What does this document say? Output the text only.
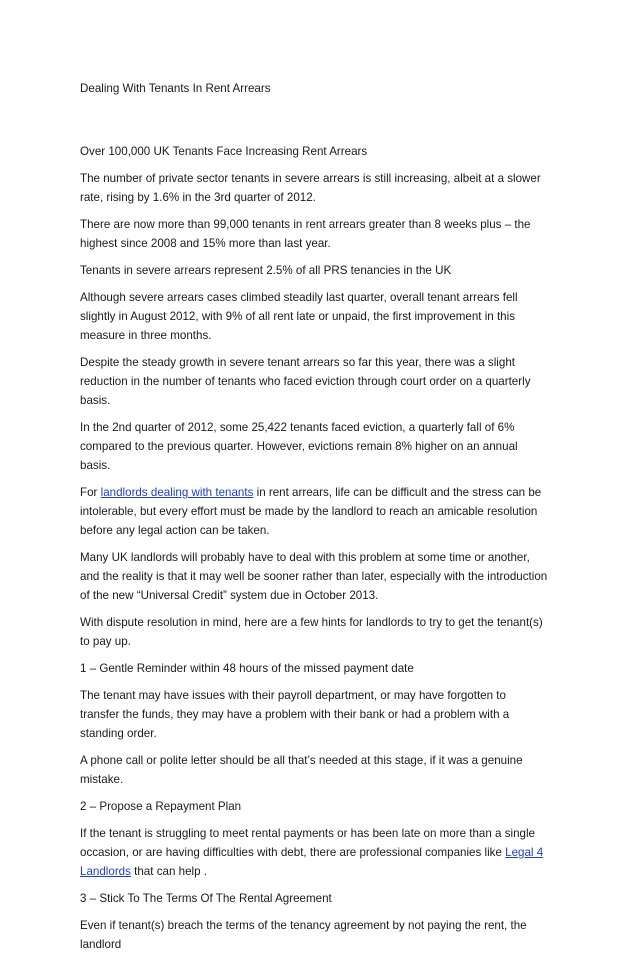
Dealing With Tenants In Rent Arrears

Over 100,000 UK Tenants Face Increasing Rent Arrears

The number of private sector tenants in severe arrears is still increasing, albeit at a slower rate, rising by 1.6% in the 3rd quarter of 2012.

There are now more than 99,000 tenants in rent arrears greater than 8 weeks plus – the highest since 2008 and 15% more than last year.

Tenants in severe arrears represent 2.5% of all PRS tenancies in the UK

Although severe arrears cases climbed steadily last quarter, overall tenant arrears fell slightly in August 2012, with 9% of all rent late or unpaid, the first improvement in this measure in three months.

Despite the steady growth in severe tenant arrears so far this year, there was a slight reduction in the number of tenants who faced eviction through court order on a quarterly basis.

In the 2nd quarter of 2012, some 25,422 tenants faced eviction, a quarterly fall of 6% compared to the previous quarter. However, evictions remain 8% higher on an annual basis.

For landlords dealing with tenants in rent arrears, life can be difficult and the stress can be intolerable, but every effort must be made by the landlord to reach an amicable resolution before any legal action can be taken.

Many UK landlords will probably have to deal with this problem at some time or another, and the reality is that it may well be sooner rather than later, especially with the introduction of the new “Universal Credit” system due in October 2013.

With dispute resolution in mind, here are a few hints for landlords to try to get the tenant(s) to pay up.

1 – Gentle Reminder within 48 hours of the missed payment date

The tenant may have issues with their payroll department, or may have forgotten to transfer the funds, they may have a problem with their bank or had a problem with a standing order.

A phone call or polite letter should be all that’s needed at this stage, if it was a genuine mistake.

2 – Propose a Repayment Plan

If the tenant is struggling to meet rental payments or has been late on more than a single occasion, or are having difficulties with debt, there are professional companies like Legal 4 Landlords that can help .

3 – Stick To The Terms Of The Rental Agreement

Even if tenant(s) breach the terms of the tenancy agreement by not paying the rent, the landlord
